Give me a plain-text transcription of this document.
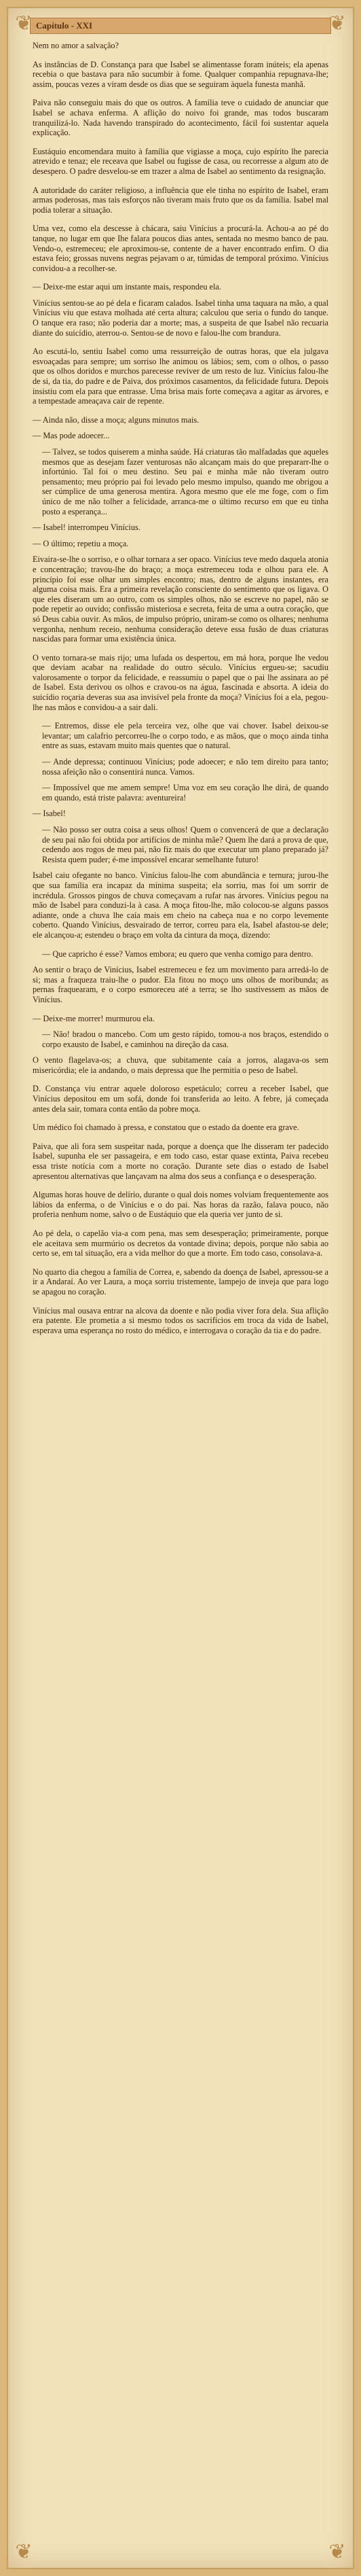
❦	❦
❦	❦
Capítulo - XXI

Nem no amor a salvação?

As instâncias de D. Constança para que Isabel se alimentasse foram inúteis; ela apenas recebia o que bastava para não sucumbir à fome. Qualquer companhia repugnava-lhe; assim, poucas vezes a viram desde os dias que se seguiram àquela funesta manhã.

Paiva não conseguiu mais do que os outros. A família teve o cuidado de anunciar que Isabel se achava enferma. A aflição do noivo foi grande, mas todos buscaram tranquilizá-lo. Nada havendo transpirado do acontecimento, fácil foi sustentar aquela explicação.

Eustáquio encomendara muito à família que vigiasse a moça, cujo espírito lhe parecia atrevido e tenaz; ele receava que Isabel ou fugisse de casa, ou recorresse a algum ato de desespero. O padre desvelou-se em trazer a alma de Isabel ao sentimento da resignação.

A autoridade do caráter religioso, a influência que ele tinha no espírito de Isabel, eram armas poderosas, mas tais esforços não tiveram mais fruto que os da família. Isabel mal podia tolerar a situação.

Uma vez, como ela descesse à chácara, saiu Vinícius a procurá-la. Achou-a ao pé do tanque, no lugar em que Ihe falara poucos dias antes, sentada no mesmo banco de pau. Vendo-o, estremeceu; ele aproximou-se, contente de a haver encontrado enfim. O dia estava feio; grossas nuvens negras pejavam o ar, túmidas de temporal próximo. Vinícius convidou-a a recolher-se.

— Deixe-me estar aqui um instante mais, respondeu ela.

Vinícius sentou-se ao pé dela e ficaram calados. Isabel tinha uma taquara na mão, a qual Vinícius viu que estava molhada até certa altura; calculou que seria o fundo do tanque. O tanque era raso; não poderia dar a morte; mas, a suspeita de que Isabel não recuaria diante do suicídio, aterrou-o. Sentou-se de novo e falou-lhe com brandura.

Ao escutá-lo, sentiu Isabel como uma ressurreição de outras horas, que ela julgava esvoaçadas para sempre; um sorriso lhe animou os lábios; sem, com o olhos, o passo que os olhos doridos e murchos parecesse reviver de um resto de luz. Vinícius falou-lhe de si, da tia, do padre e de Paiva, dos próximos casamentos, da felicidade futura. Depois insistiu com ela para que entrasse. Uma brisa mais forte começava a agitar as árvores, e a tempestade ameaçava cair de repente.

— Ainda não, disse a moça; alguns minutos mais.

— Mas pode adoecer...

— Talvez, se todos quiserem a minha saúde. Há criaturas tão malfadadas que aqueles mesmos que as desejam fazer venturosas não alcançam mais do que prepararr-lhe o infortúnio. Tal foi o meu destino. Seu pai e minha mãe não tiveram outro pensamento; meu próprio pai foi levado pelo mesmo impulso, quando me obrigou a ser cúmplice de uma generosa mentira. Agora mesmo que ele me foge, com o fim único de me não tolher a felicidade, arranca-me o último recurso em que eu tinha posto a esperança...

— Isabel! interrompeu Vinícius.

— O último; repetiu a moça.

Eivaira-se-lhe o sorriso, e o olhar tornara a ser opaco. Vinícius teve medo daquela atonia e concentração; travou-lhe do braço; a moça estremeceu toda e olhou para ele. A princípio foi esse olhar um simples encontro; mas, dentro de alguns instantes, era alguma coisa mais. Era a primeira revelação consciente do sentimento que os ligava. O que eles diseram um ao outro, com os simples olhos, não se escreve no papel, não se pode repetir ao ouvido; confissão misteriosa e secreta, feita de uma a outra coração, que só Deus cabia ouvir. As mãos, de impulso próprio, uniram-se como os olhares; nenhuma vergonha, nenhum receio, nenhuma consideração deteve essa fusão de duas criaturas nascidas para formar uma existência única.

O vento tornara-se mais rijo; uma lufada os despertou, em má hora, porque lhe vedou que deviam acabar na realidade do outro século. Vinícius ergueu-se; sacudiu valorosamente o torpor da felicidade, e reassumiu o papel que o pai lhe assinara ao pé de Isabel. Esta derivou os olhos e cravou-os na água, fascinada e absorta. A ideia do suicídio roçaria deveras sua asa invisível pela fronte da moça? Vinícius foi a ela, pegou-lhe nas mãos e convidou-a a sair dali.

— Entremos, disse ele pela terceira vez, olhe que vai chover. Isabel deixou-se levantar; um calafrio percorreu-lhe o corpo todo, e as mãos, que o moço ainda tinha entre as suas, estavam muito mais quentes que o natural.

— Ande depressa; continuou Vinícius; pode adoecer; e não tem direito para tanto; nossa afeição não o consentirá nunca. Vamos.

— Impossível que me amem sempre! Uma voz em seu coração lhe dirá, de quando em quando, está triste palavra: aventureira!

— Isabel!

— Não posso ser outra coisa a seus olhos! Quem o convencerá de que a declaração de seu pai não foi obtida por artifícios de minha mãe? Quem lhe dará a prova de que, cedendo aos rogos de meu pai, não fiz mais do que executar um plano preparado já? Resista quem puder; é-me impossível encarar semelhante futuro!

Isabel caiu ofegante no banco. Vinícius falou-lhe com abundância e ternura; jurou-lhe que sua família era incapaz da mínima suspeita; ela sorriu, mas foi um sorrir de incrédula. Grossos pingos de chuva começavam a rufar nas árvores. Vinícius pegou na mão de Isabel para conduzi-la à casa. A moça fitou-lhe, mão colocou-se alguns passos adiante, onde a chuva lhe caía mais em cheio na cabeça nua e no corpo levemente coberto. Quando Vinícius, desvairado de terror, correu para ela, Isabel afastou-se dele; ele alcançou-a; estendeu o braço em volta da cintura da moça, dizendo:

— Que capricho é esse? Vamos embora; eu quero que venha comigo para dentro.

Ao sentir o braço de Vinícius, Isabel estremeceu e fez um movimento para arredá-lo de si; mas a fraqueza traiu-lhe o pudor. Ela fitou no moço uns olhos de moribunda; as pernas fraquearam, e o corpo esmoreceu até a terra; se lho sustivessem as mãos de Vinícius.

— Deixe-me morrer! murmurou ela.

— Não! bradou o mancebo. Com um gesto rápido, tomou-a nos braços, estendido o corpo exausto de Isabel, e caminhou na direção da casa.

O vento flagelava-os; a chuva, que subitamente caía a jorros, alagava-os sem misericórdia; ele ia andando, o mais depressa que lhe permitia o peso de Isabel.

D. Constança viu entrar aquele doloroso espetáculo; correu a receber Isabel, que Vinícius depositou em um sofá, donde foi transferida ao leito. A febre, já começada antes dela sair, tomara conta então da pobre moça.

Um médico foi chamado à pressa, e constatou que o estado da doente era grave.

Paiva, que ali fora sem suspeitar nada, porque a doença que lhe disseram ter padecido Isabel, supunha ele ser passageira, e em todo caso, estar quase extinta, Paiva recebeu essa triste notícia com a morte no coração. Durante sete dias o estado de Isabel apresentou alternativas que lançavam na alma dos seus a confiança e o desesperação.

Algumas horas houve de delírio, durante o qual dois nomes volviam frequentemente aos lábios da enferma, o de Vinícius e o do pai. Nas horas da razão, falava pouco, não proferia nenhum nome, salvo o de Eustáquio que ela queria ver junto de si.

Ao pé dela, o capelão via-a com pena, mas sem desesperação; primeiramente, porque ele aceitava sem murmúrio os decretos da vontade divina; depois, porque não sabia ao certo se, em tal situação, era a vida melhor do que a morte. Em todo caso, consolava-a.

No quarto dia chegou a família de Correa, e, sabendo da doença de Isabel, apressou-se a ir a Andaraí. Ao ver Laura, a moça sorriu tristemente, lampejo de inveja que para logo se apagou no coração.

Vinícius mal ousava entrar na alcova da doente e não podia viver fora dela. Sua aflição era patente. Ele prometia a si mesmo todos os sacrifícios em troca da vida de Isabel, esperava uma esperança no rosto do médico, e interrogava o coração da tia e do padre.
